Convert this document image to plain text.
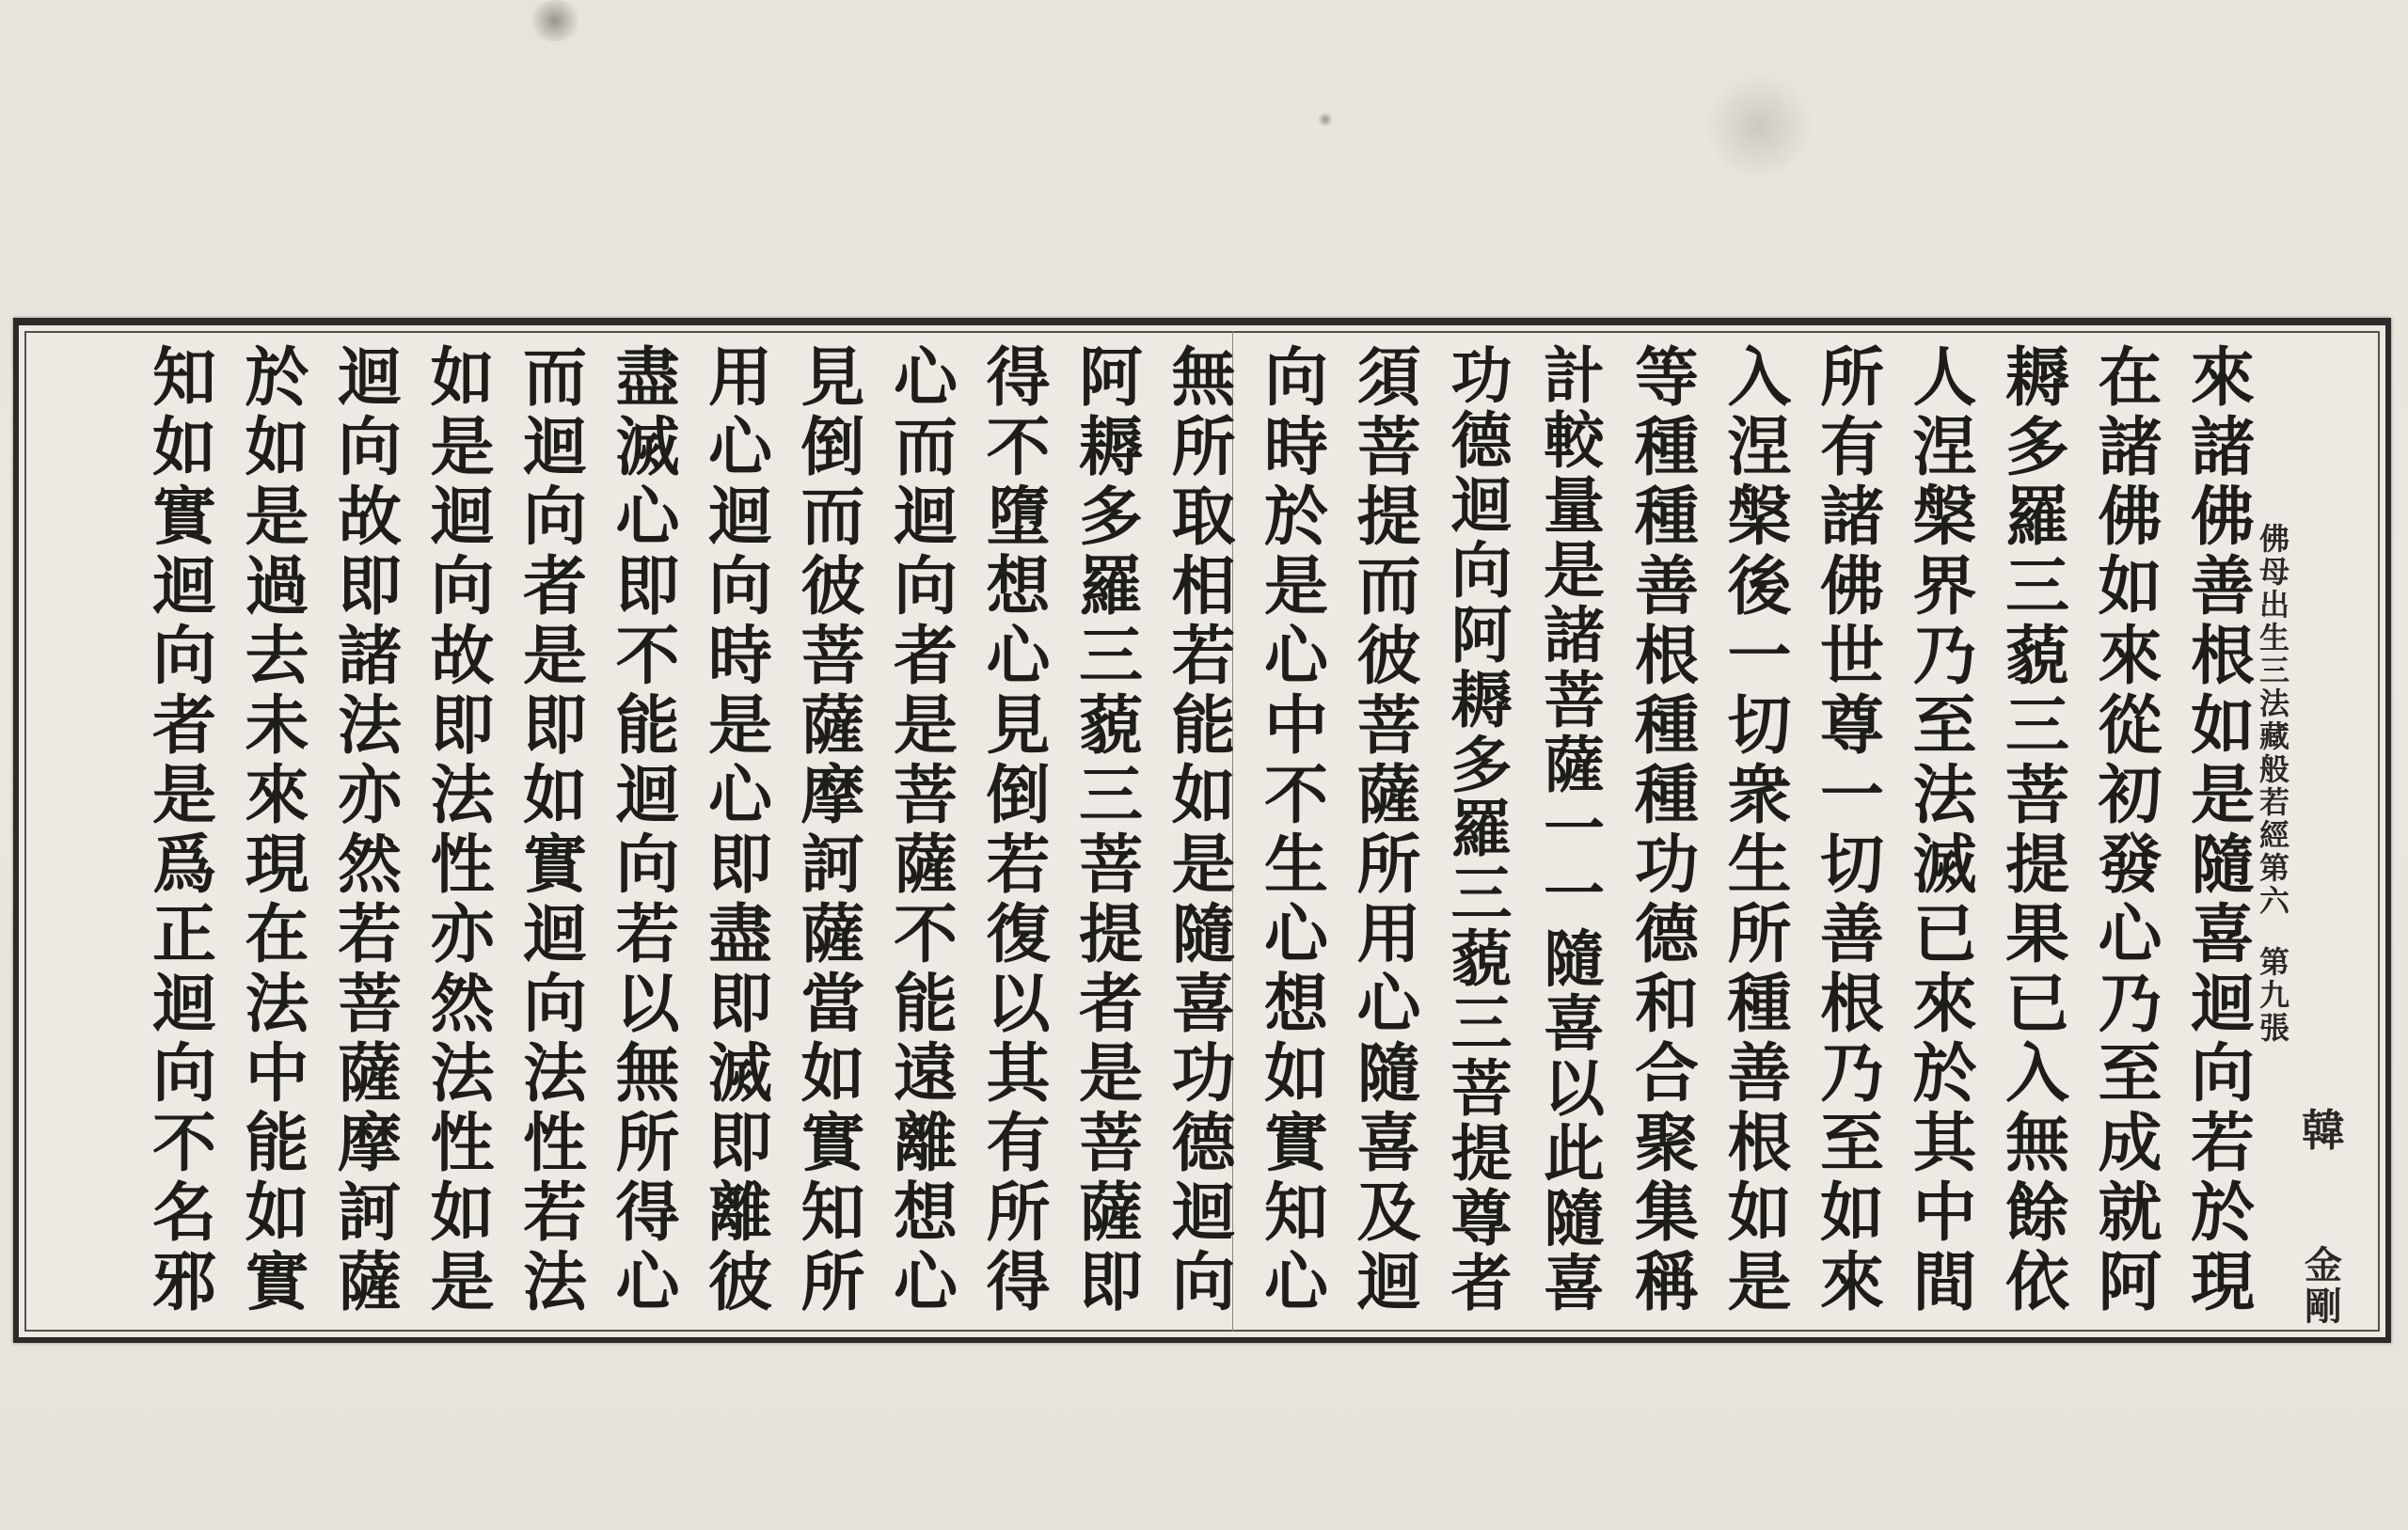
來
諸
佛
善
根
如
是
隨
喜
迴
向
若
於
現
在
諸
佛
如
來
從
初
發
心
乃
至
成
就
阿
耨
多
羅
三
藐
三
菩
提
果
已
入
無
餘
依
人
涅
槃
界
乃
至
法
滅
已
來
於
其
中
間
所
有
諸
佛
世
尊
一
切
善
根
乃
至
如
來
入
涅
槃
後
一
切
衆
生
所
種
善
根
如
是
等
種
種
善
根
種
種
功
德
和
合
聚
集
稱
計
較
量
是
諸
菩
薩
一
一
隨
喜
以
此
隨
喜
功
德
迴
向
阿
耨
多
羅
三
藐
三
菩
提
尊
者
須
菩
提
而
彼
菩
薩
所
用
心
隨
喜
及
迴
向
時
於
是
心
中
不
生
心
想
如
實
知
心
無
所
取
相
若
能
如
是
隨
喜
功
德
迴
向
阿
耨
多
羅
三
藐
三
菩
提
者
是
菩
薩
即
得
不
墮
想
心
見
倒
若
復
以
其
有
所
得
心
而
迴
向
者
是
菩
薩
不
能
遠
離
想
心
見
倒
而
彼
菩
薩
摩
訶
薩
當
如
實
知
所
用
心
迴
向
時
是
心
即
盡
即
滅
即
離
彼
盡
滅
心
即
不
能
迴
向
若
以
無
所
得
心
而
迴
向
者
是
即
如
實
迴
向
法
性
若
法
如
是
迴
向
故
即
法
性
亦
然
法
性
如
是
迴
向
故
即
諸
法
亦
然
若
菩
薩
摩
訶
薩
於
如
是
過
去
未
來
現
在
法
中
能
如
實
知
如
實
迴
向
者
是
爲
正
迴
向
不
名
邪
佛
母
出
生
三
法
藏
般
若
經
第
六
第
九
張
韓
金
剛
